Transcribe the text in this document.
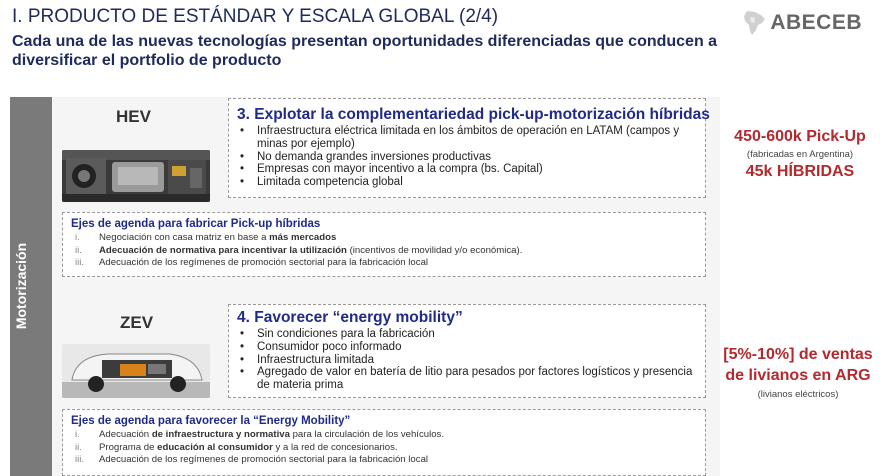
I. PRODUCTO DE ESTÁNDAR Y ESCALA GLOBAL (2/4)
Cada una de las nuevas tecnologías presentan oportunidades diferenciadas que conducen a diversificar el portfolio de producto
ABECEB
Motorización
HEV	3. Explotar la complementariedad pick-up-motorización híbridas
• Infraestructura eléctrica limitada en los ámbitos de operación en LATAM (campos y minas por ejemplo)
• No demanda grandes inversiones productivas
• Empresas con mayor incentivo a la compra (bs. Capital)
• Limitada competencia global
Ejes de agenda para fabricar Pick-up híbridas
i. Negociación con casa matriz en base a más mercados
ii. Adecuación de normativa para incentivar la utilización (incentivos de movilidad y/o económica).
iii. Adecuación de los regímenes de promoción sectorial para la fabricación local
450-600k Pick-Up
(fabricadas en Argentina)
45k HÍBRIDAS
ZEV	4. Favorecer “energy mobility”
• Sin condiciones para la fabricación
• Consumidor poco informado
• Infraestructura limitada
• Agregado de valor en batería de litio para pesados por factores logísticos y presencia de materia prima
Ejes de agenda para favorecer la “Energy Mobility”
i. Adecuación de infraestructura y normativa para la circulación de los vehículos.
ii. Programa de educación al consumidor y a la red de concesionarios.
iii. Adecuación de los regímenes de promoción sectorial para la fabricación local
[5%-10%] de ventas de livianos en ARG
(livianos eléctricos)
